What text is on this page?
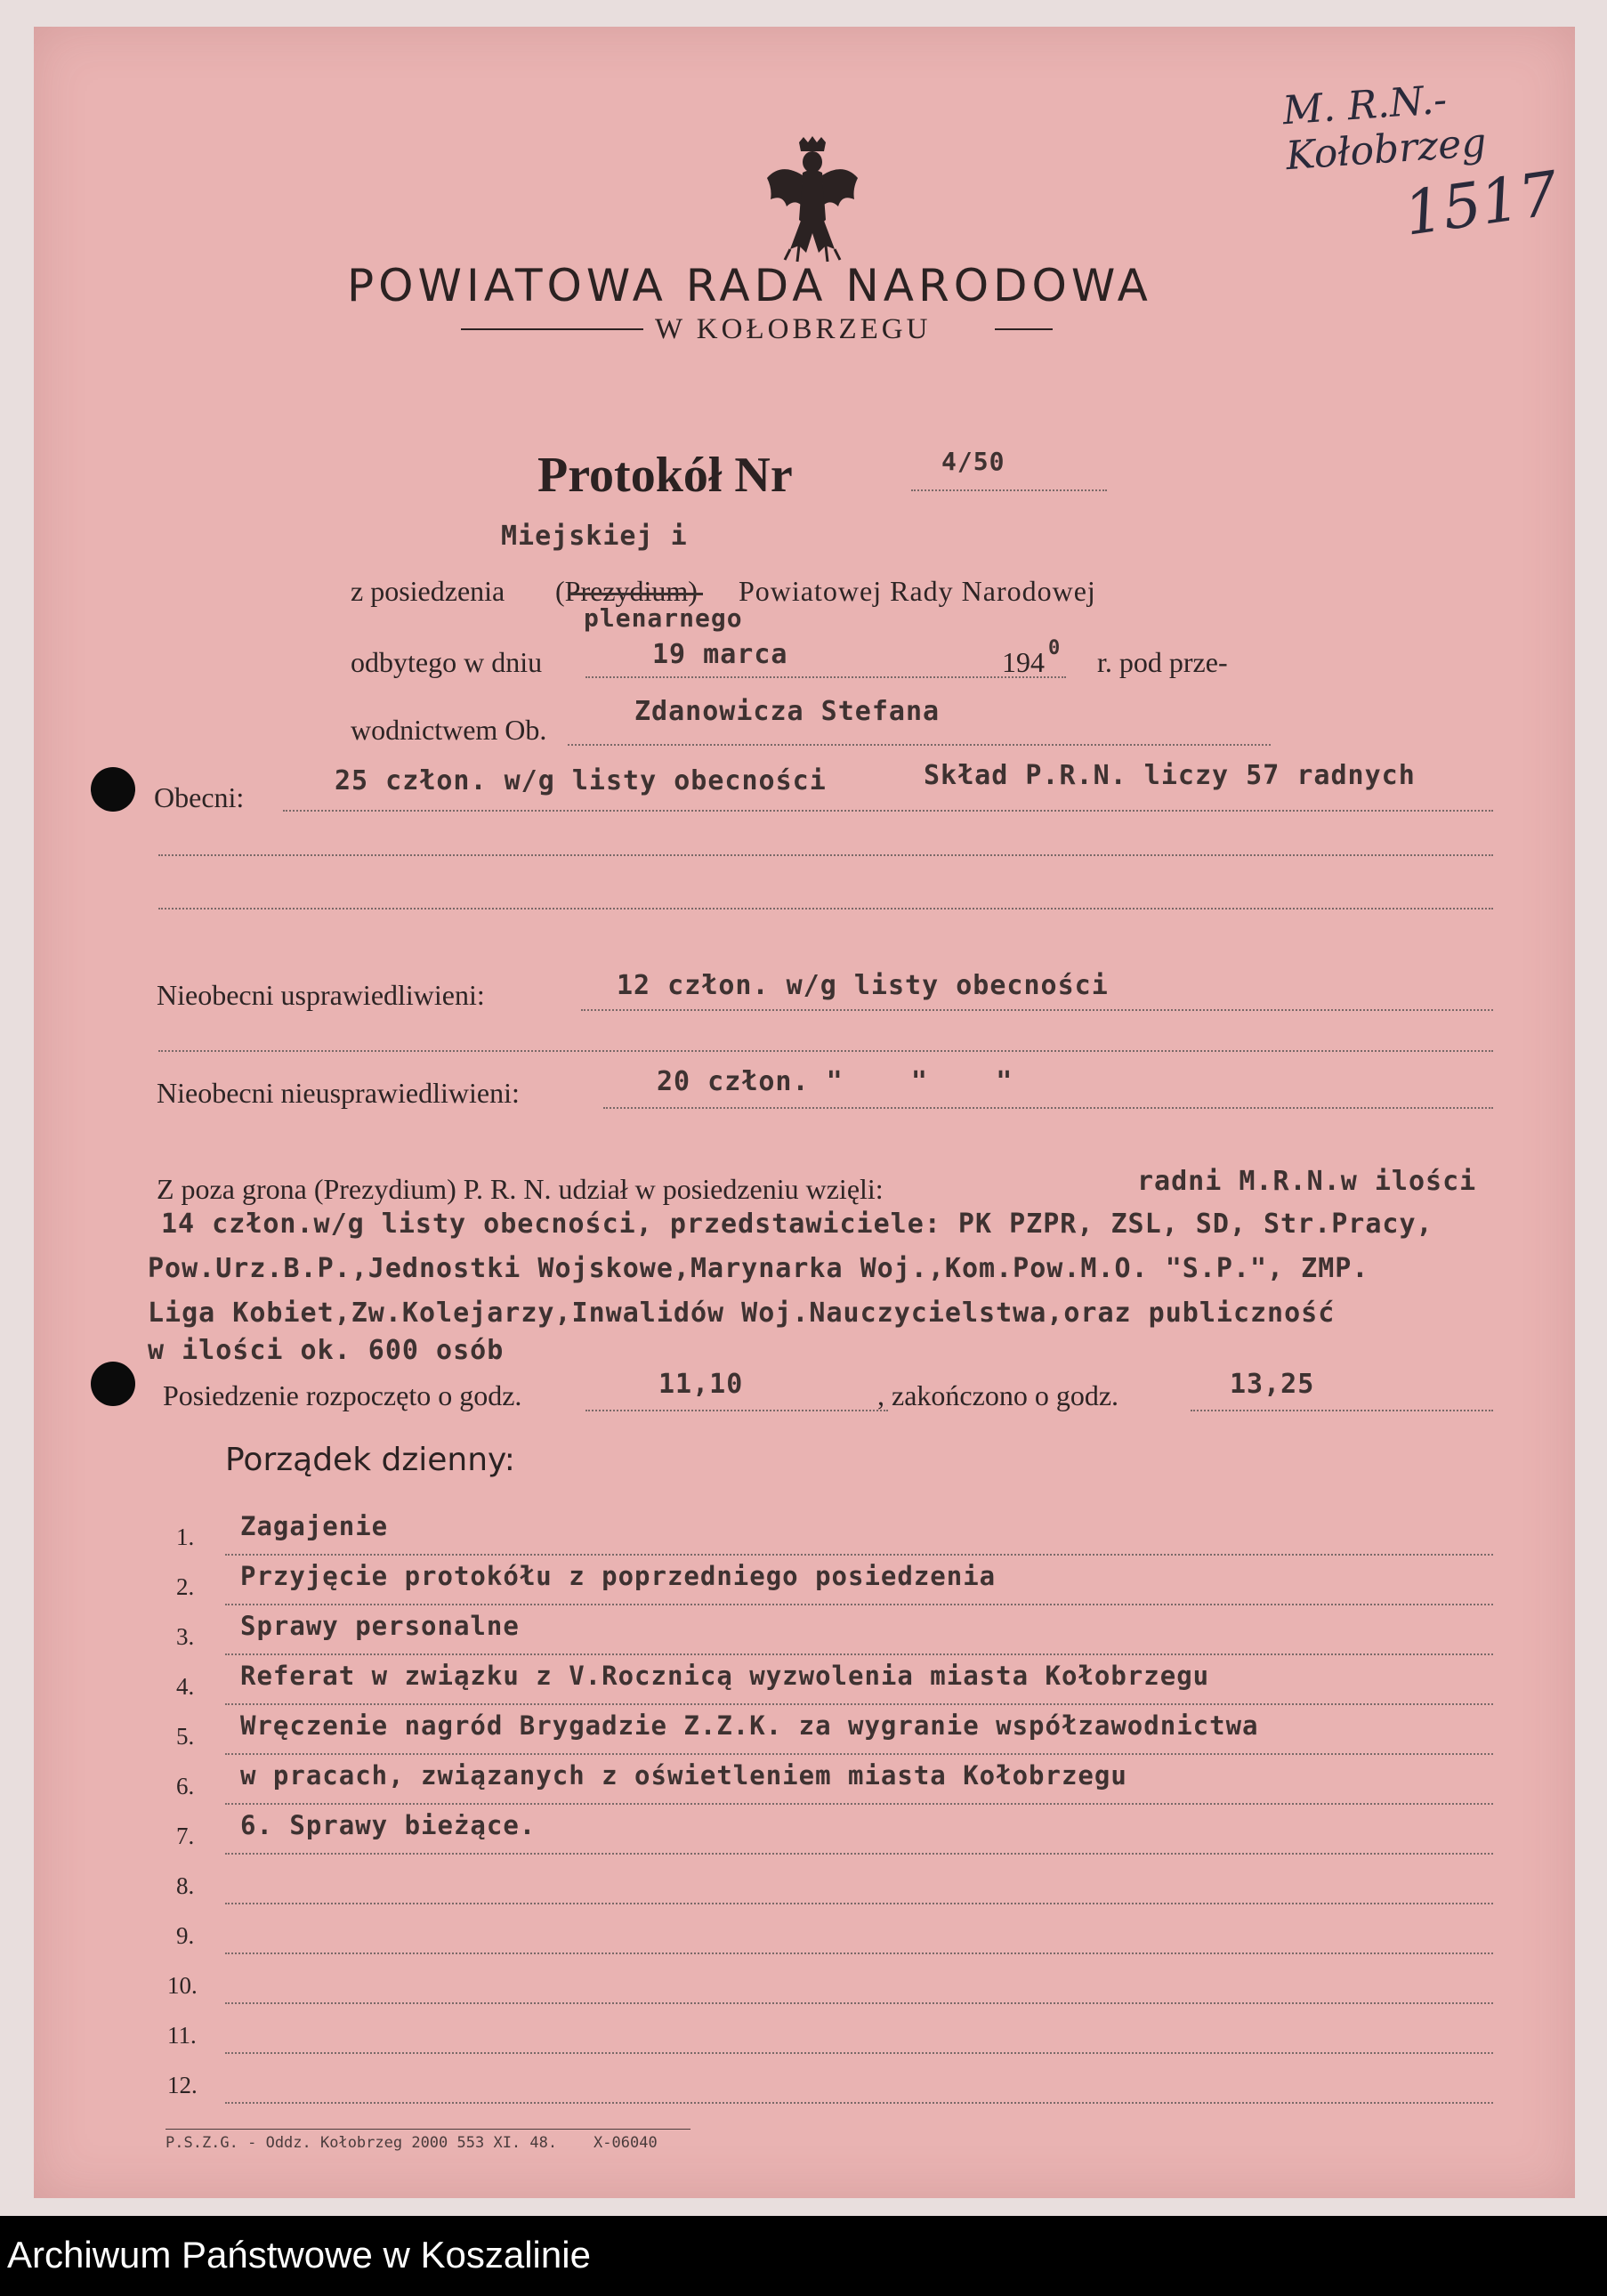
POWIATOWA RADA NARODOWA
W KOŁOBRZEGU
M. R.N.-Kołobrzeg
1517
Protokół Nr	4/50
Miejskiej i
z posiedzenia (Prezydium) Powiatowej Rady Narodowej
plenarnego
odbytego w dniu	19 marca	194 0 r. pod prze-
wodnictwem Ob.
Zdanowicza Stefana
Obecni:
25 człon. w/g listy obecności	Skład P.R.N. liczy 57 radnych
Nieobecni usprawiedliwieni:	12 człon. w/g listy obecności
Nieobecni nieusprawiedliwieni:	20 człon. "    "    "
Z poza grona (Prezydium) P. R. N. udział w posiedzeniu wzięli:	radni M.R.N.w ilości
14 człon.w/g listy obecności, przedstawiciele: PK PZPR, ZSL, SD, Str.Pracy,
Pow.Urz.B.P.,Jednostki Wojskowe,Marynarka Woj.,Kom.Pow.M.O. "S.P.", ZMP.
Liga Kobiet,Zw.Kolejarzy,Inwalidów Woj.Nauczycielstwa,oraz publiczność
w ilości ok. 600 osób
Posiedzenie rozpoczęto o godz.	11,10	, zakończono o godz.	13,25
Porządek dzienny:
1. Zagajenie
2. Przyjęcie protokółu z poprzedniego posiedzenia
3. Sprawy personalne
4. Referat w związku z V.Rocznicą wyzwolenia miasta Kołobrzegu
5. Wręczenie nagród Brygadzie Z.Z.K. za wygranie współzawodnictwa
6. w pracach, związanych z oświetleniem miasta Kołobrzegu
7. 6. Sprawy bieżące.
8.
9.
10.
11.
12.
P.S.Z.G. - Oddz. Kołobrzeg 2000 553 XI. 48.    X-06040
Archiwum Państwowe w Koszalinie
